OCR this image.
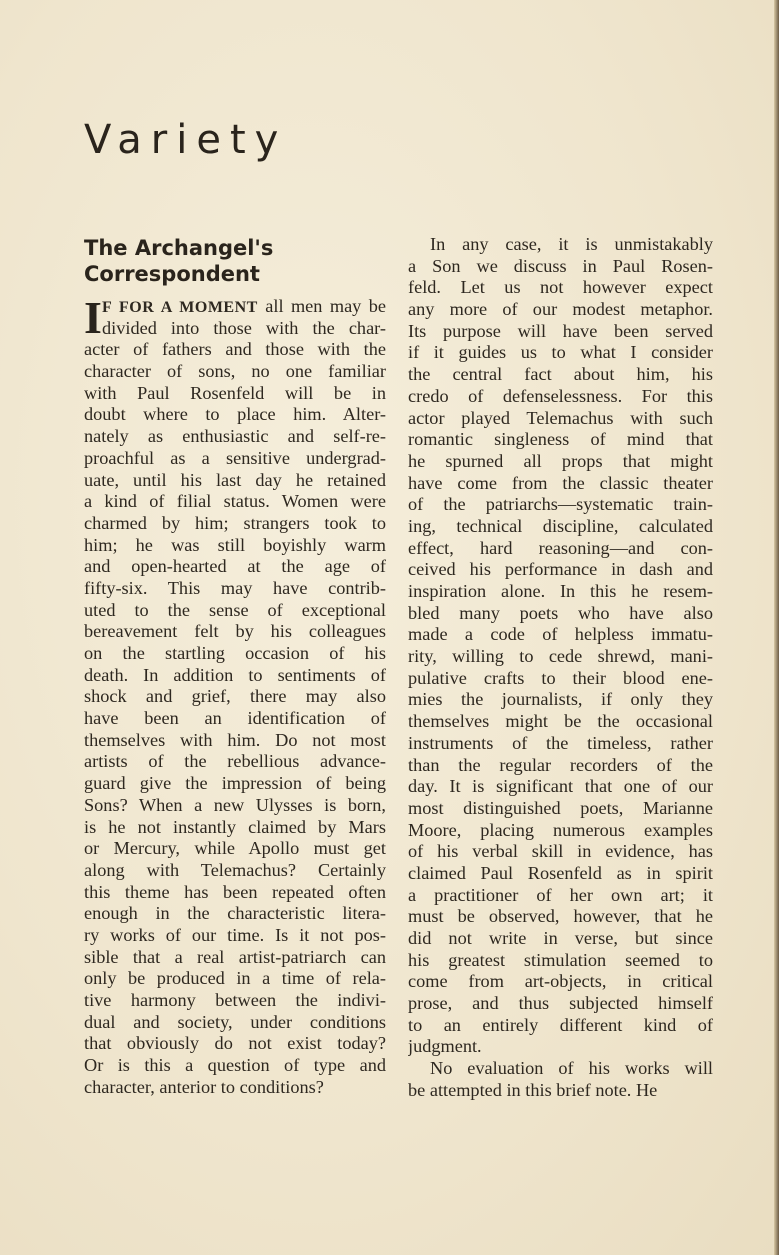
Variety
The Archangel's
Correspondent
I F FOR A MOMENT all men may be
divided into those with the char-
acter of fathers and those with the
character of sons, no one familiar
with Paul Rosenfeld will be in
doubt where to place him. Alter-
nately as enthusiastic and self-re-
proachful as a sensitive undergrad-
uate, until his last day he retained
a kind of filial status. Women were
charmed by him; strangers took to
him; he was still boyishly warm
and open-hearted at the age of
fifty-six. This may have contrib-
uted to the sense of exceptional
bereavement felt by his colleagues
on the startling occasion of his
death. In addition to sentiments of
shock and grief, there may also
have been an identification of
themselves with him. Do not most
artists of the rebellious advance-
guard give the impression of being
Sons? When a new Ulysses is born,
is he not instantly claimed by Mars
or Mercury, while Apollo must get
along with Telemachus? Certainly
this theme has been repeated often
enough in the characteristic litera-
ry works of our time. Is it not pos-
sible that a real artist-patriarch can
only be produced in a time of rela-
tive harmony between the indivi-
dual and society, under conditions
that obviously do not exist today?
Or is this a question of type and
character, anterior to conditions?
In any case, it is unmistakably
a Son we discuss in Paul Rosen-
feld. Let us not however expect
any more of our modest metaphor.
Its purpose will have been served
if it guides us to what I consider
the central fact about him, his
credo of defenselessness. For this
actor played Telemachus with such
romantic singleness of mind that
he spurned all props that might
have come from the classic theater
of the patriarchs—systematic train-
ing, technical discipline, calculated
effect, hard reasoning—and con-
ceived his performance in dash and
inspiration alone. In this he resem-
bled many poets who have also
made a code of helpless immatu-
rity, willing to cede shrewd, mani-
pulative crafts to their blood ene-
mies the journalists, if only they
themselves might be the occasional
instruments of the timeless, rather
than the regular recorders of the
day. It is significant that one of our
most distinguished poets, Marianne
Moore, placing numerous examples
of his verbal skill in evidence, has
claimed Paul Rosenfeld as in spirit
a practitioner of her own art; it
must be observed, however, that he
did not write in verse, but since
his greatest stimulation seemed to
come from art-objects, in critical
prose, and thus subjected himself
to an entirely different kind of
judgment.
No evaluation of his works will
be attempted in this brief note. He
